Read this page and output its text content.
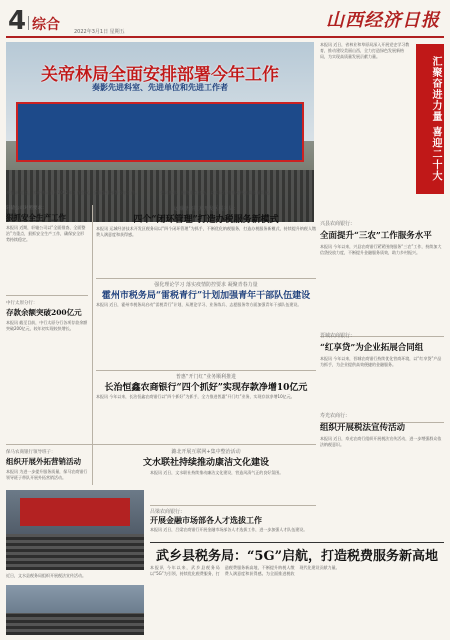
4 综合	2022年3月1日 星期五
山西经济日报
关帝林局全面安排部署今年工作
奏影先进科室、先进单位和先进工作者
本报讯 近日，关帝林局召开2022年工作会议，全面安排部署今年工作。	会议要求，围绕重点任务，以实际行动推动林业高质量发展。
本报讯 近日，省林业和草原局深入开展党史学习教育，推动建设美丽山西，全力打造绿色发展新格局，为实现高质量发展贡献力量。	汇聚奋进力量 喜迎二十大
兴县农商银行：
全面提升“三农”工作服务水平
本报讯 今年以来，兴县农商银行紧紧围绕服务“三农”工作，持续加大信贷投放力度，不断提升金融服务质效，助力乡村振兴。
晋城农商银行：
“红享贷”为企业拓展合同组
本报讯 今年以来，晋城农商银行持续优化营商环境，以“红享贷”产品为抓手，为企业提供高效便捷的金融服务。
寿光农商行：
组织开展税法宣传活动
本报讯 近日，寿光农商行组织开展税法宣传活动，进一步增强群众依法纳税意识。
轩辕公司对照要求：
狠抓安全生产工作
本报讯 近期，轩辕公司以“全面排查、全面整治”为重点，狠抓安全生产工作，确保安全形势持续稳定。
中行太原分行：
存款余额突破200亿元
本报讯 截至目前，中行太原分行各项存款余额突破200亿元，较年初实现较快增长。
保马农商银行领导班子：
组织开展外拓营销活动
本报讯 为进一步提升服务质量，保马农商银行领导班子带队开展外拓营销活动。
运城经济技术开发区税务局：
四个“闭环管理”打造办税服务新模式
本报讯 运城经济技术开发区税务局以“四个闭环管理”为抓手，不断优化纳税服务，打造办税服务新模式，持续提升纳税人缴费人满意度和获得感。
强化理论学习 落实疫情防控要求 凝聚青春力量
霍州市税务局“雷税青行”计划加强青年干部队伍建设
本报讯 近日，霍州市税务局启动“雷税青行”计划，从理论学习、业务练兵、志愿服务等方面加强青年干部队伍建设。
普惠“开门红”业务顺利推进
长治恒鑫农商银行“四个抓好”实现存款净增10亿元
本报讯 今年以来，长治恒鑫农商银行以“四个抓好”为抓手，全力推进普惠“开门红”业务，实现存款净增10亿元。
近日，文水县税务局组织开展税法宣传活动。
潞北开展互联网+集中整治活动
文水联社持续推动康洁文化建设
本报讯 近日，文水联社持续推动廉洁文化建设，营造风清气正的良好氛围。
吕梁农商银行：
开展金融市场部各人才选拔工作
本报讯 近日，吕梁农商银行开展金融市场部各人才选拔工作，进一步加强人才队伍建设。
武乡县税务局：“5G”启航，打造税费服务新高地
本报讯 今年以来，武乡县税务局以“5G”为引领，持续优化税费服务，打造税费服务新高地，不断提升纳税人缴费人满意度和获得感。为全面推进税收现代化建设贡献力量。
